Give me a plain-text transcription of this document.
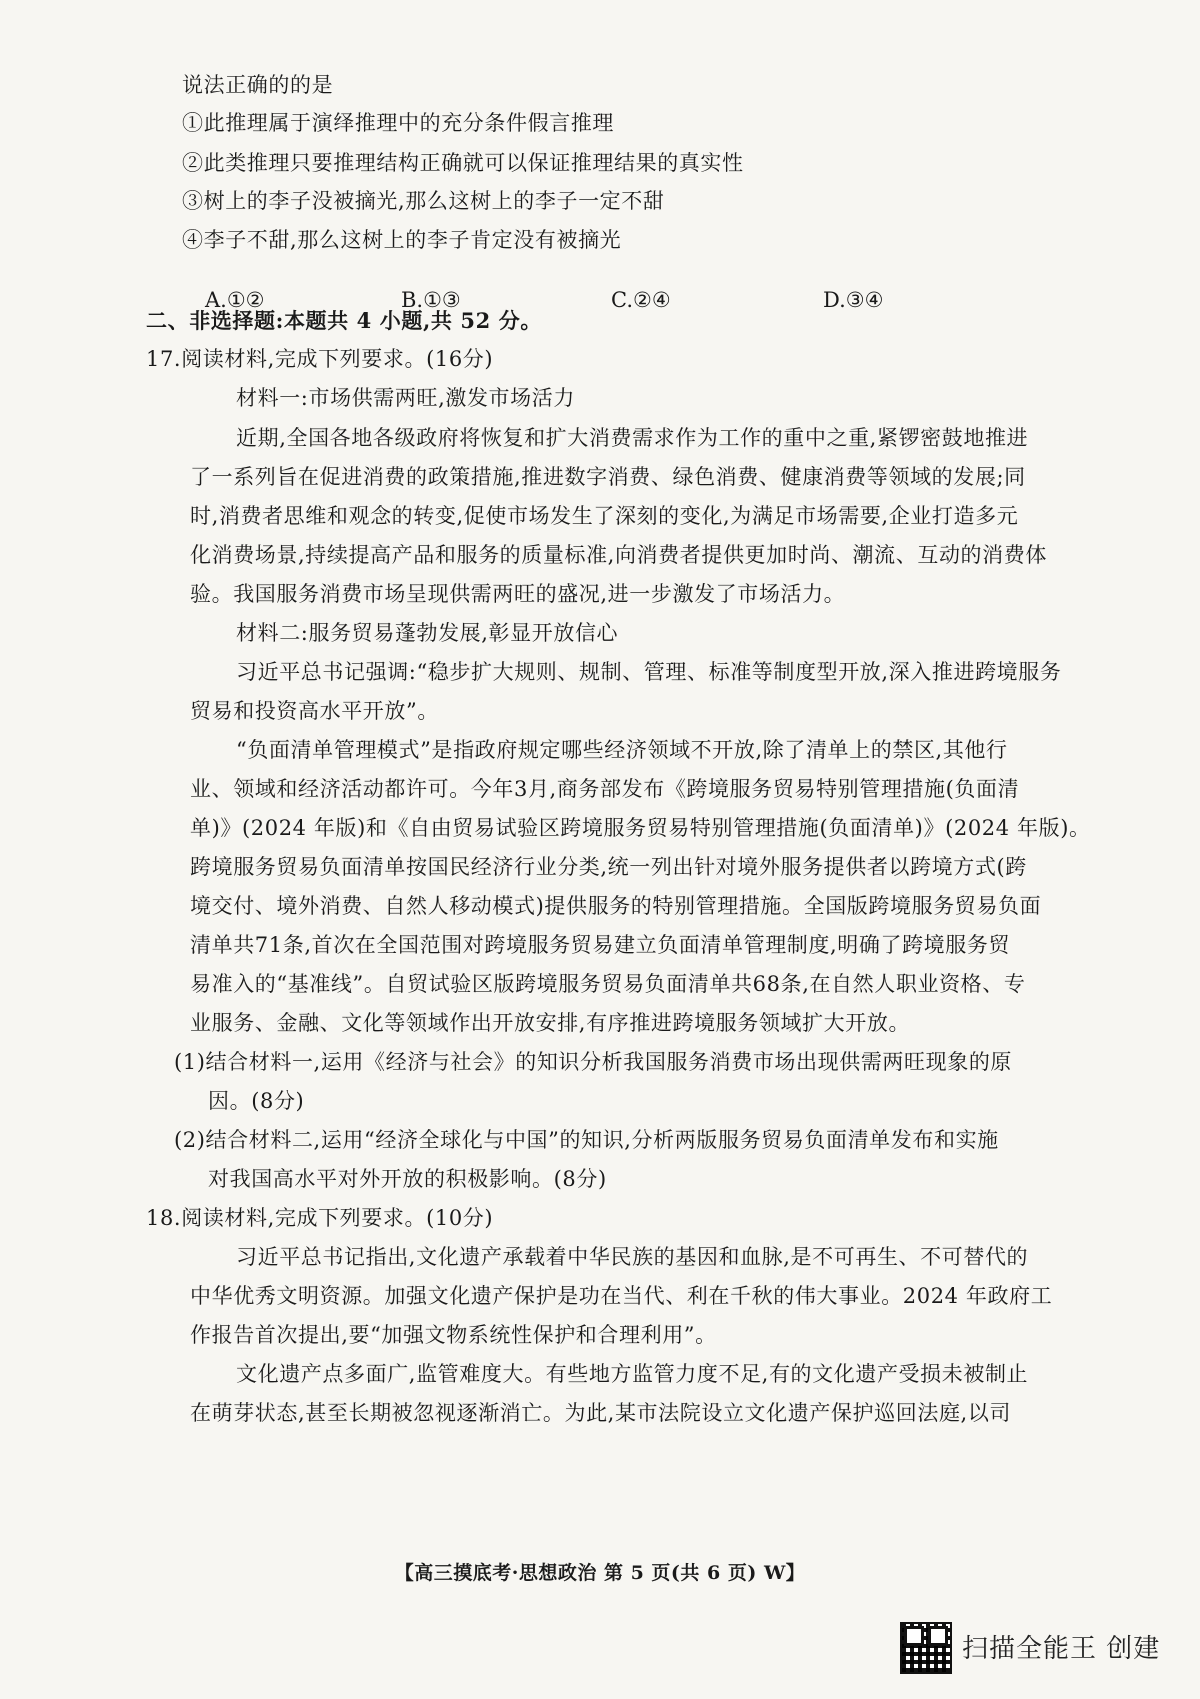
说法正确的的是
①此推理属于演绎推理中的充分条件假言推理
②此类推理只要推理结构正确就可以保证推理结果的真实性
③树上的李子没被摘光,那么这树上的李子一定不甜
④李子不甜,那么这树上的李子肯定没有被摘光
A.①②	B.①③	C.②④	D.③④
二、非选择题:本题共 4 小题,共 52 分。
17.阅读材料,完成下列要求。(16分)
材料一:市场供需两旺,激发市场活力
近期,全国各地各级政府将恢复和扩大消费需求作为工作的重中之重,紧锣密鼓地推进
了一系列旨在促进消费的政策措施,推进数字消费、绿色消费、健康消费等领域的发展;同
时,消费者思维和观念的转变,促使市场发生了深刻的变化,为满足市场需要,企业打造多元
化消费场景,持续提高产品和服务的质量标准,向消费者提供更加时尚、潮流、互动的消费体
验。我国服务消费市场呈现供需两旺的盛况,进一步激发了市场活力。
材料二:服务贸易蓬勃发展,彰显开放信心
习近平总书记强调:“稳步扩大规则、规制、管理、标准等制度型开放,深入推进跨境服务
贸易和投资高水平开放”。
“负面清单管理模式”是指政府规定哪些经济领域不开放,除了清单上的禁区,其他行
业、领域和经济活动都许可。今年3月,商务部发布《跨境服务贸易特别管理措施(负面清
单)》(2024 年版)和《自由贸易试验区跨境服务贸易特别管理措施(负面清单)》(2024 年版)。
跨境服务贸易负面清单按国民经济行业分类,统一列出针对境外服务提供者以跨境方式(跨
境交付、境外消费、自然人移动模式)提供服务的特别管理措施。全国版跨境服务贸易负面
清单共71条,首次在全国范围对跨境服务贸易建立负面清单管理制度,明确了跨境服务贸
易准入的“基准线”。自贸试验区版跨境服务贸易负面清单共68条,在自然人职业资格、专
业服务、金融、文化等领域作出开放安排,有序推进跨境服务领域扩大开放。
(1)结合材料一,运用《经济与社会》的知识分析我国服务消费市场出现供需两旺现象的原
因。(8分)
(2)结合材料二,运用“经济全球化与中国”的知识,分析两版服务贸易负面清单发布和实施
对我国高水平对外开放的积极影响。(8分)
18.阅读材料,完成下列要求。(10分)
习近平总书记指出,文化遗产承载着中华民族的基因和血脉,是不可再生、不可替代的
中华优秀文明资源。加强文化遗产保护是功在当代、利在千秋的伟大事业。2024 年政府工
作报告首次提出,要“加强文物系统性保护和合理利用”。
文化遗产点多面广,监管难度大。有些地方监管力度不足,有的文化遗产受损未被制止
在萌芽状态,甚至长期被忽视逐渐消亡。为此,某市法院设立文化遗产保护巡回法庭,以司
【高三摸底考·思想政治 第 5 页(共 6 页) W】
扫描全能王 创建
